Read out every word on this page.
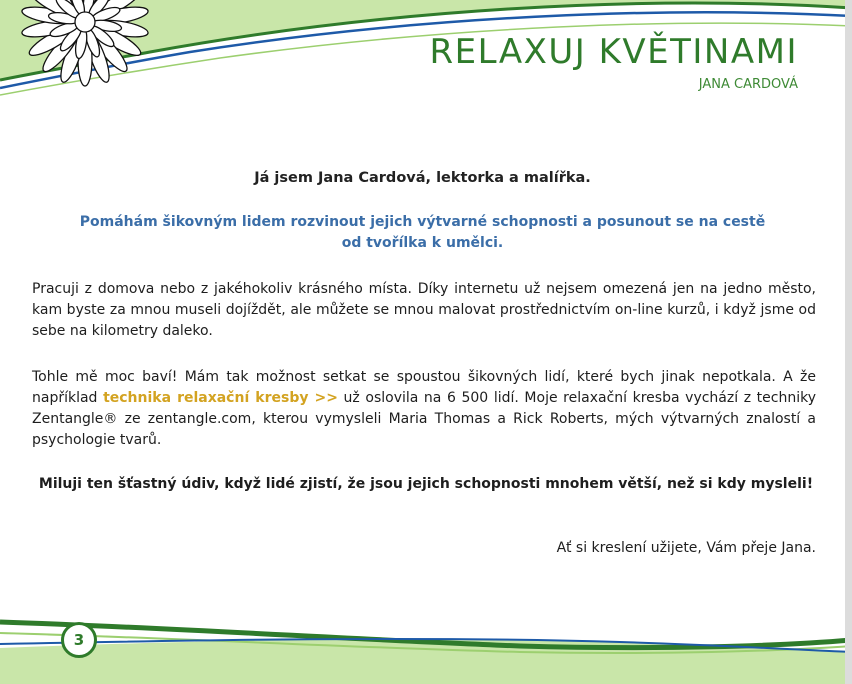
RELAXUJ KVĚTINAMI
JANA CARDOVÁ
Já jsem Jana Cardová, lektorka a malířka.
Pomáhám šikovným lidem rozvinout jejich výtvarné schopnosti a posunout se na cestě
od tvořílka k umělci.
Pracuji z domova nebo z jakéhokoliv krásného místa. Díky internetu už nejsem omezená jen na jedno město, kam byste za mnou museli dojíždět, ale můžete se mnou malovat prostřednictvím on-line kurzů, i když jsme od sebe na kilometry daleko.
Tohle mě moc baví! Mám tak možnost setkat se spoustou šikovných lidí, které bych jinak nepotkala. A že například technika relaxační kresby >> už oslovila na 6 500 lidí. Moje relaxační kresba vychází z techniky Zentangle® ze zentangle.com, kterou vymysleli Maria Thomas a Rick Roberts, mých výtvarných znalostí a psychologie tvarů.
Miluji ten šťastný údiv, když lidé zjistí, že jsou jejich schopnosti mnohem větší, než si kdy mysleli!
Ať si kreslení užijete, Vám přeje Jana.
3
